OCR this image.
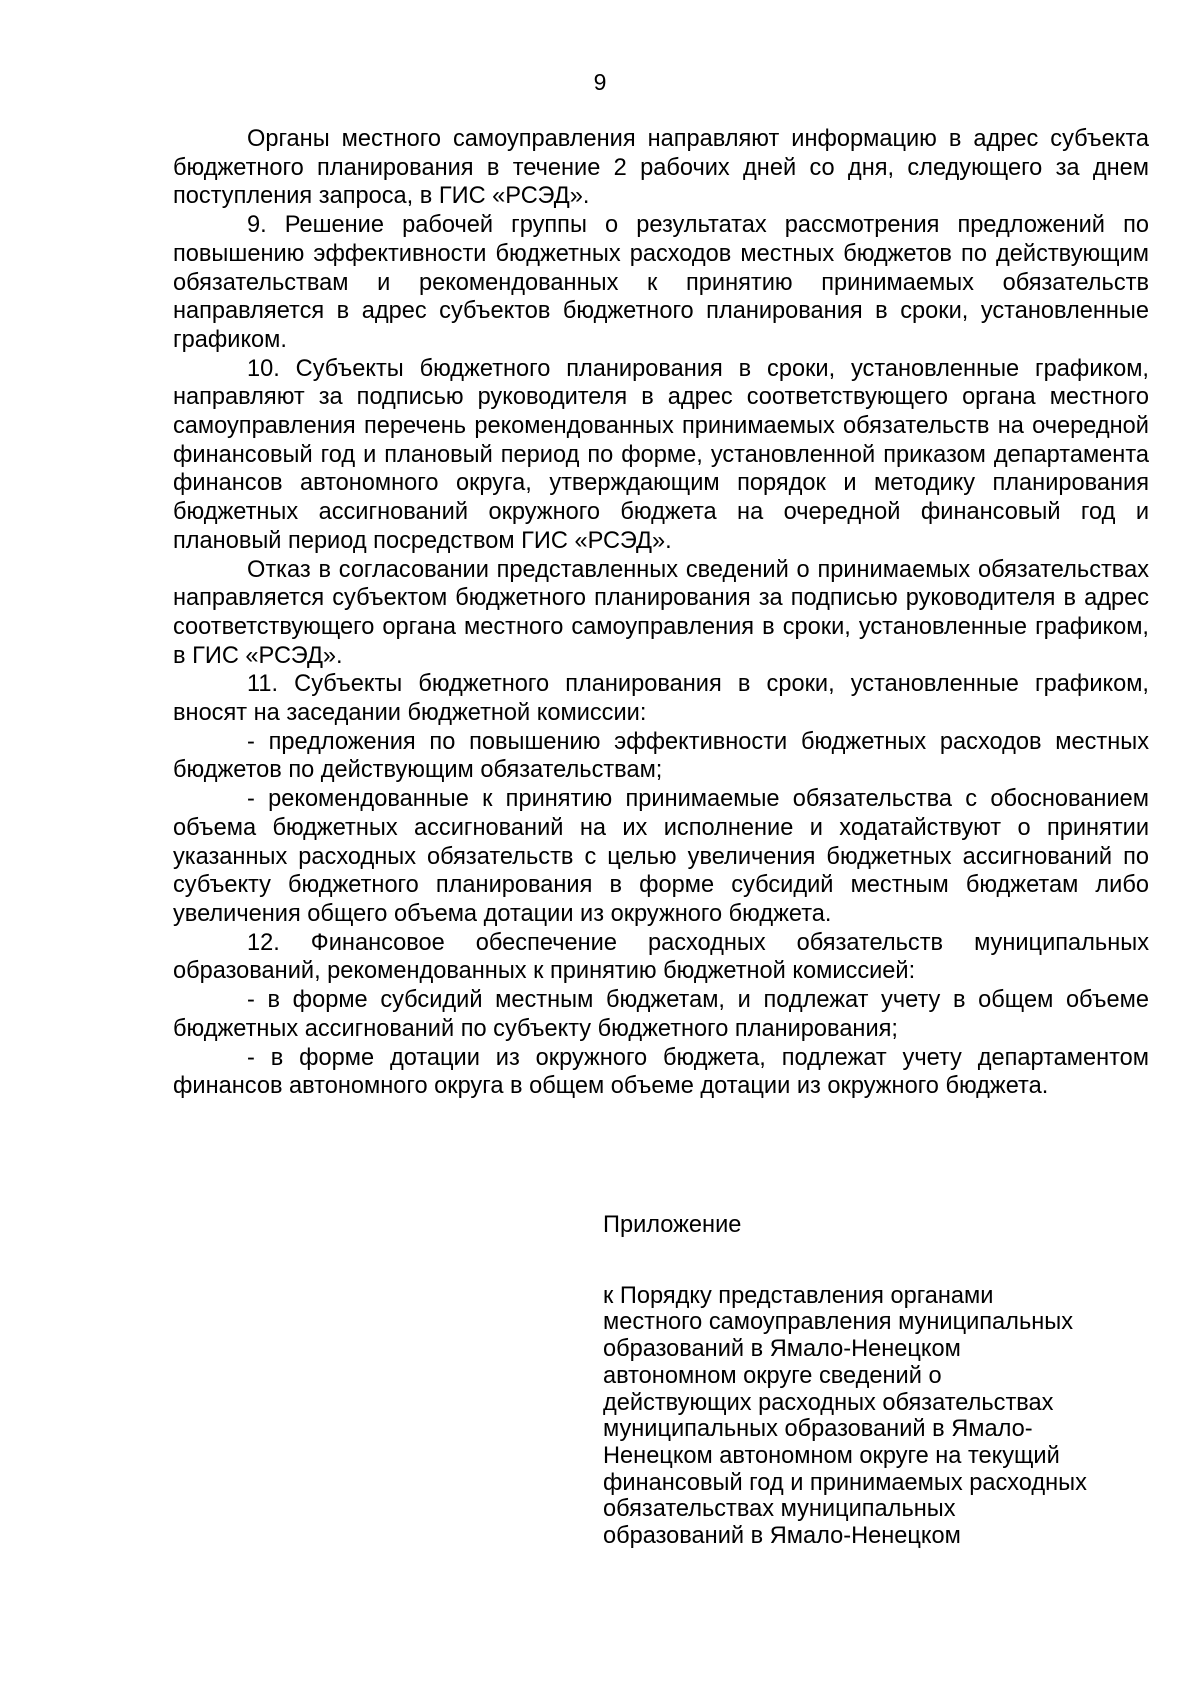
9

Органы местного самоуправления направляют информацию в адрес субъекта бюджетного планирования в течение 2 рабочих дней со дня, следующего за днем поступления запроса, в ГИС «РСЭД».

9. Решение рабочей группы о результатах рассмотрения предложений по повышению эффективности бюджетных расходов местных бюджетов по действующим обязательствам и рекомендованных к принятию принимаемых обязательств направляется в адрес субъектов бюджетного планирования в сроки, установленные графиком.

10. Субъекты бюджетного планирования в сроки, установленные графиком, направляют за подписью руководителя в адрес соответствующего органа местного самоуправления перечень рекомендованных принимаемых обязательств на очередной финансовый год и плановый период по форме, установленной приказом департамента финансов автономного округа, утверждающим порядок и методику планирования бюджетных ассигнований окружного бюджета на очередной финансовый год и плановый период посредством ГИС «РСЭД».

Отказ в согласовании представленных сведений о принимаемых обязательствах направляется субъектом бюджетного планирования за подписью руководителя в адрес соответствующего органа местного самоуправления в сроки, установленные графиком, в ГИС «РСЭД».

11. Субъекты бюджетного планирования в сроки, установленные графиком, вносят на заседании бюджетной комиссии:

- предложения по повышению эффективности бюджетных расходов местных бюджетов по действующим обязательствам;

- рекомендованные к принятию принимаемые обязательства с обоснованием объема бюджетных ассигнований на их исполнение и ходатайствуют о принятии указанных расходных обязательств с целью увеличения бюджетных ассигнований по субъекту бюджетного планирования в форме субсидий местным бюджетам либо увеличения общего объема дотации из окружного бюджета.

12. Финансовое обеспечение расходных обязательств муниципальных образований, рекомендованных к принятию бюджетной комиссией:

- в форме субсидий местным бюджетам, и подлежат учету в общем объеме бюджетных ассигнований по субъекту бюджетного планирования;

- в форме дотации из окружного бюджета, подлежат учету департаментом финансов автономного округа в общем объеме дотации из окружного бюджета.

Приложение

к Порядку представления органами
местного самоуправления муниципальных
образований в Ямало-Ненецком
автономном округе сведений о
действующих расходных обязательствах
муниципальных образований в Ямало-
Ненецком автономном округе на текущий
финансовый год и принимаемых расходных
обязательствах муниципальных
образований в Ямало-Ненецком
